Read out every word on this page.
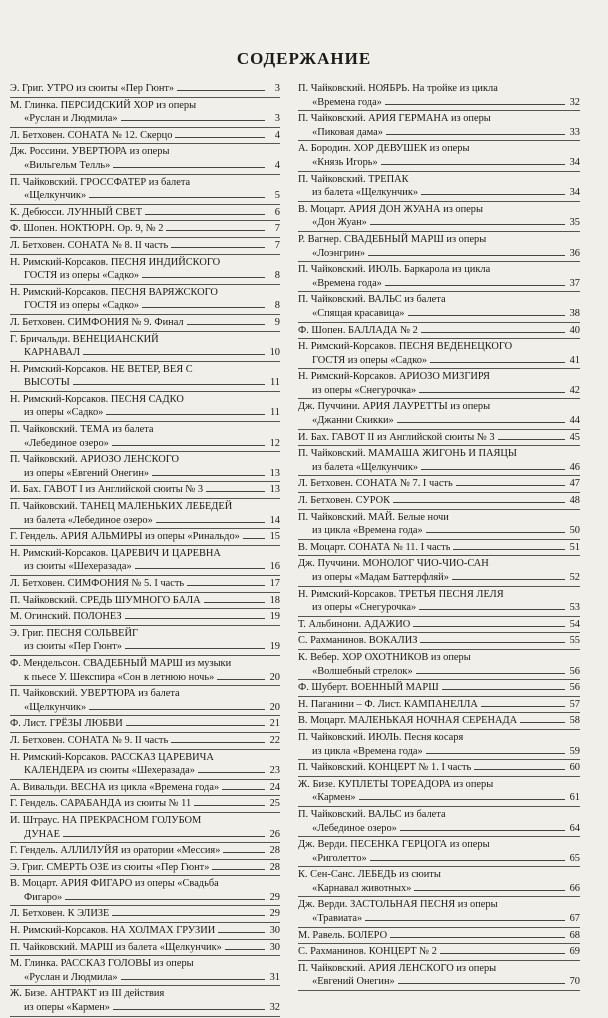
СОДЕРЖАНИЕ
Э. Григ. УТРО из сюиты «Пер Гюнт»	3
М. Глинка. ПЕРСИДСКИЙ ХОР из оперы
«Руслан и Людмила»	3
Л. Бетховен. СОНАТА № 12. Скерцо	4
Дж. Россини. УВЕРТЮРА из оперы
«Вильгельм Телль»	4
П. Чайковский. ГРОССФАТЕР из балета
«Щелкунчик»	5
К. Дебюсси. ЛУННЫЙ СВЕТ	6
Ф. Шопен. НОКТЮРН. Ор. 9, № 2	7
Л. Бетховен. СОНАТА № 8. II часть	7
Н. Римский-Корсаков. ПЕСНЯ ИНДИЙСКОГО
ГОСТЯ из оперы «Садко»	8
Н. Римский-Корсаков. ПЕСНЯ ВАРЯЖСКОГО
ГОСТЯ из оперы «Садко»	8
Л. Бетховен. СИМФОНИЯ № 9. Финал	9
Г. Бричальди. ВЕНЕЦИАНСКИЙ
КАРНАВАЛ	10
Н. Римский-Корсаков. НЕ ВЕТЕР, ВЕЯ С
ВЫСОТЫ	11
Н. Римский-Корсаков. ПЕСНЯ САДКО
из оперы «Садко»	11
П. Чайковский. ТЕМА из балета
«Лебединое озеро»	12
П. Чайковский. АРИОЗО ЛЕНСКОГО
из оперы «Евгений Онегин»	13
И. Бах. ГАВОТ I из Английской сюиты № 3	13
П. Чайковский. ТАНЕЦ МАЛЕНЬКИХ ЛЕБЕДЕЙ
из балета «Лебединое озеро»	14
Г. Гендель. АРИЯ АЛЬМИРЫ из оперы «Ринальдо»	15
Н. Римский-Корсаков. ЦАРЕВИЧ И ЦАРЕВНА
из сюиты «Шехеразада»	16
Л. Бетховен. СИМФОНИЯ № 5. I часть	17
П. Чайковский. СРЕДЬ ШУМНОГО БАЛА	18
М. Огинский. ПОЛОНЕЗ	19
Э. Григ. ПЕСНЯ СОЛЬВЕЙГ
из сюиты «Пер Гюнт»	19
Ф. Мендельсон. СВАДЕБНЫЙ МАРШ из музыки
к пьесе У. Шекспира «Сон в летнюю ночь»	20
П. Чайковский. УВЕРТЮРА из балета
«Щелкунчик»	20
Ф. Лист. ГРЁЗЫ ЛЮБВИ	21
Л. Бетховен. СОНАТА № 9. II часть	22
Н. Римский-Корсаков. РАССКАЗ ЦАРЕВИЧА
КАЛЕНДЕРА из сюиты «Шехеразада»	23
А. Вивальди. ВЕСНА из цикла «Времена года»	24
Г. Гендель. САРАБАНДА из сюиты № 11	25
И. Штраус. НА ПРЕКРАСНОМ ГОЛУБОМ
ДУНАЕ	26
Г. Гендель. АЛЛИЛУЙЯ из оратории «Мессия»	28
Э. Григ. СМЕРТЬ ОЗЕ из сюиты «Пер Гюнт»	28
В. Моцарт. АРИЯ ФИГАРО из оперы «Свадьба
Фигаро»	29
Л. Бетховен. К ЭЛИЗЕ	29
Н. Римский-Корсаков. НА ХОЛМАХ ГРУЗИИ	30
П. Чайковский. МАРШ из балета «Щелкунчик»	30
М. Глинка. РАССКАЗ ГОЛОВЫ из оперы
«Руслан и Людмила»	31
Ж. Бизе. АНТРАКТ из III действия
из оперы «Кармен»	32
П. Чайковский. НОЯБРЬ. На тройке из цикла
«Времена года»	32
П. Чайковский. АРИЯ ГЕРМАНА из оперы
«Пиковая дама»	33
А. Бородин. ХОР ДЕВУШЕК из оперы
«Князь Игорь»	34
П. Чайковский. ТРЕПАК
из балета «Щелкунчик»	34
В. Моцарт. АРИЯ ДОН ЖУАНА из оперы
«Дон Жуан»	35
Р. Вагнер. СВАДЕБНЫЙ МАРШ из оперы
«Лоэнгрин»	36
П. Чайковский. ИЮЛЬ. Баркарола из цикла
«Времена года»	37
П. Чайковский. ВАЛЬС из балета
«Спящая красавица»	38
Ф. Шопен. БАЛЛАДА № 2	40
Н. Римский-Корсаков. ПЕСНЯ ВЕДЕНЕЦКОГО
ГОСТЯ из оперы «Садко»	41
Н. Римский-Корсаков. АРИОЗО МИЗГИРЯ
из оперы «Снегурочка»	42
Дж. Пуччини. АРИЯ ЛАУРЕТТЫ из оперы
«Джанни Скикки»	44
И. Бах. ГАВОТ II из Английской сюиты № 3	45
П. Чайковский. МАМАША ЖИГОНЬ И ПАЯЦЫ
из балета «Щелкунчик»	46
Л. Бетховен. СОНАТА № 7. I часть	47
Л. Бетховен. СУРОК	48
П. Чайковский. МАЙ. Белые ночи
из цикла «Времена года»	50
В. Моцарт. СОНАТА № 11. I часть	51
Дж. Пуччини. МОНОЛОГ ЧИО-ЧИО-САН
из оперы «Мадам Баттерфляй»	52
Н. Римский-Корсаков. ТРЕТЬЯ ПЕСНЯ ЛЕЛЯ
из оперы «Снегурочка»	53
Т. Альбинони. АДАЖИО	54
С. Рахманинов. ВОКАЛИЗ	55
К. Вебер. ХОР ОХОТНИКОВ из оперы
«Волшебный стрелок»	56
Ф. Шуберт. ВОЕННЫЙ МАРШ	56
Н. Паганини – Ф. Лист. КАМПАНЕЛЛА	57
В. Моцарт. МАЛЕНЬКАЯ НОЧНАЯ СЕРЕНАДА	58
П. Чайковский. ИЮЛЬ. Песня косаря
из цикла «Времена года»	59
П. Чайковский. КОНЦЕРТ № 1. I часть	60
Ж. Бизе. КУПЛЕТЫ ТОРЕАДОРА из оперы
«Кармен»	61
П. Чайковский. ВАЛЬС из балета
«Лебединое озеро»	64
Дж. Верди. ПЕСЕНКА ГЕРЦОГА из оперы
«Риголетто»	65
К. Сен-Санс. ЛЕБЕДЬ из сюиты
«Карнавал животных»	66
Дж. Верди. ЗАСТОЛЬНАЯ ПЕСНЯ из оперы
«Травиата»	67
М. Равель. БОЛЕРО	68
С. Рахманинов. КОНЦЕРТ № 2	69
П. Чайковский. АРИЯ ЛЕНСКОГО из оперы
«Евгений Онегин»	70
